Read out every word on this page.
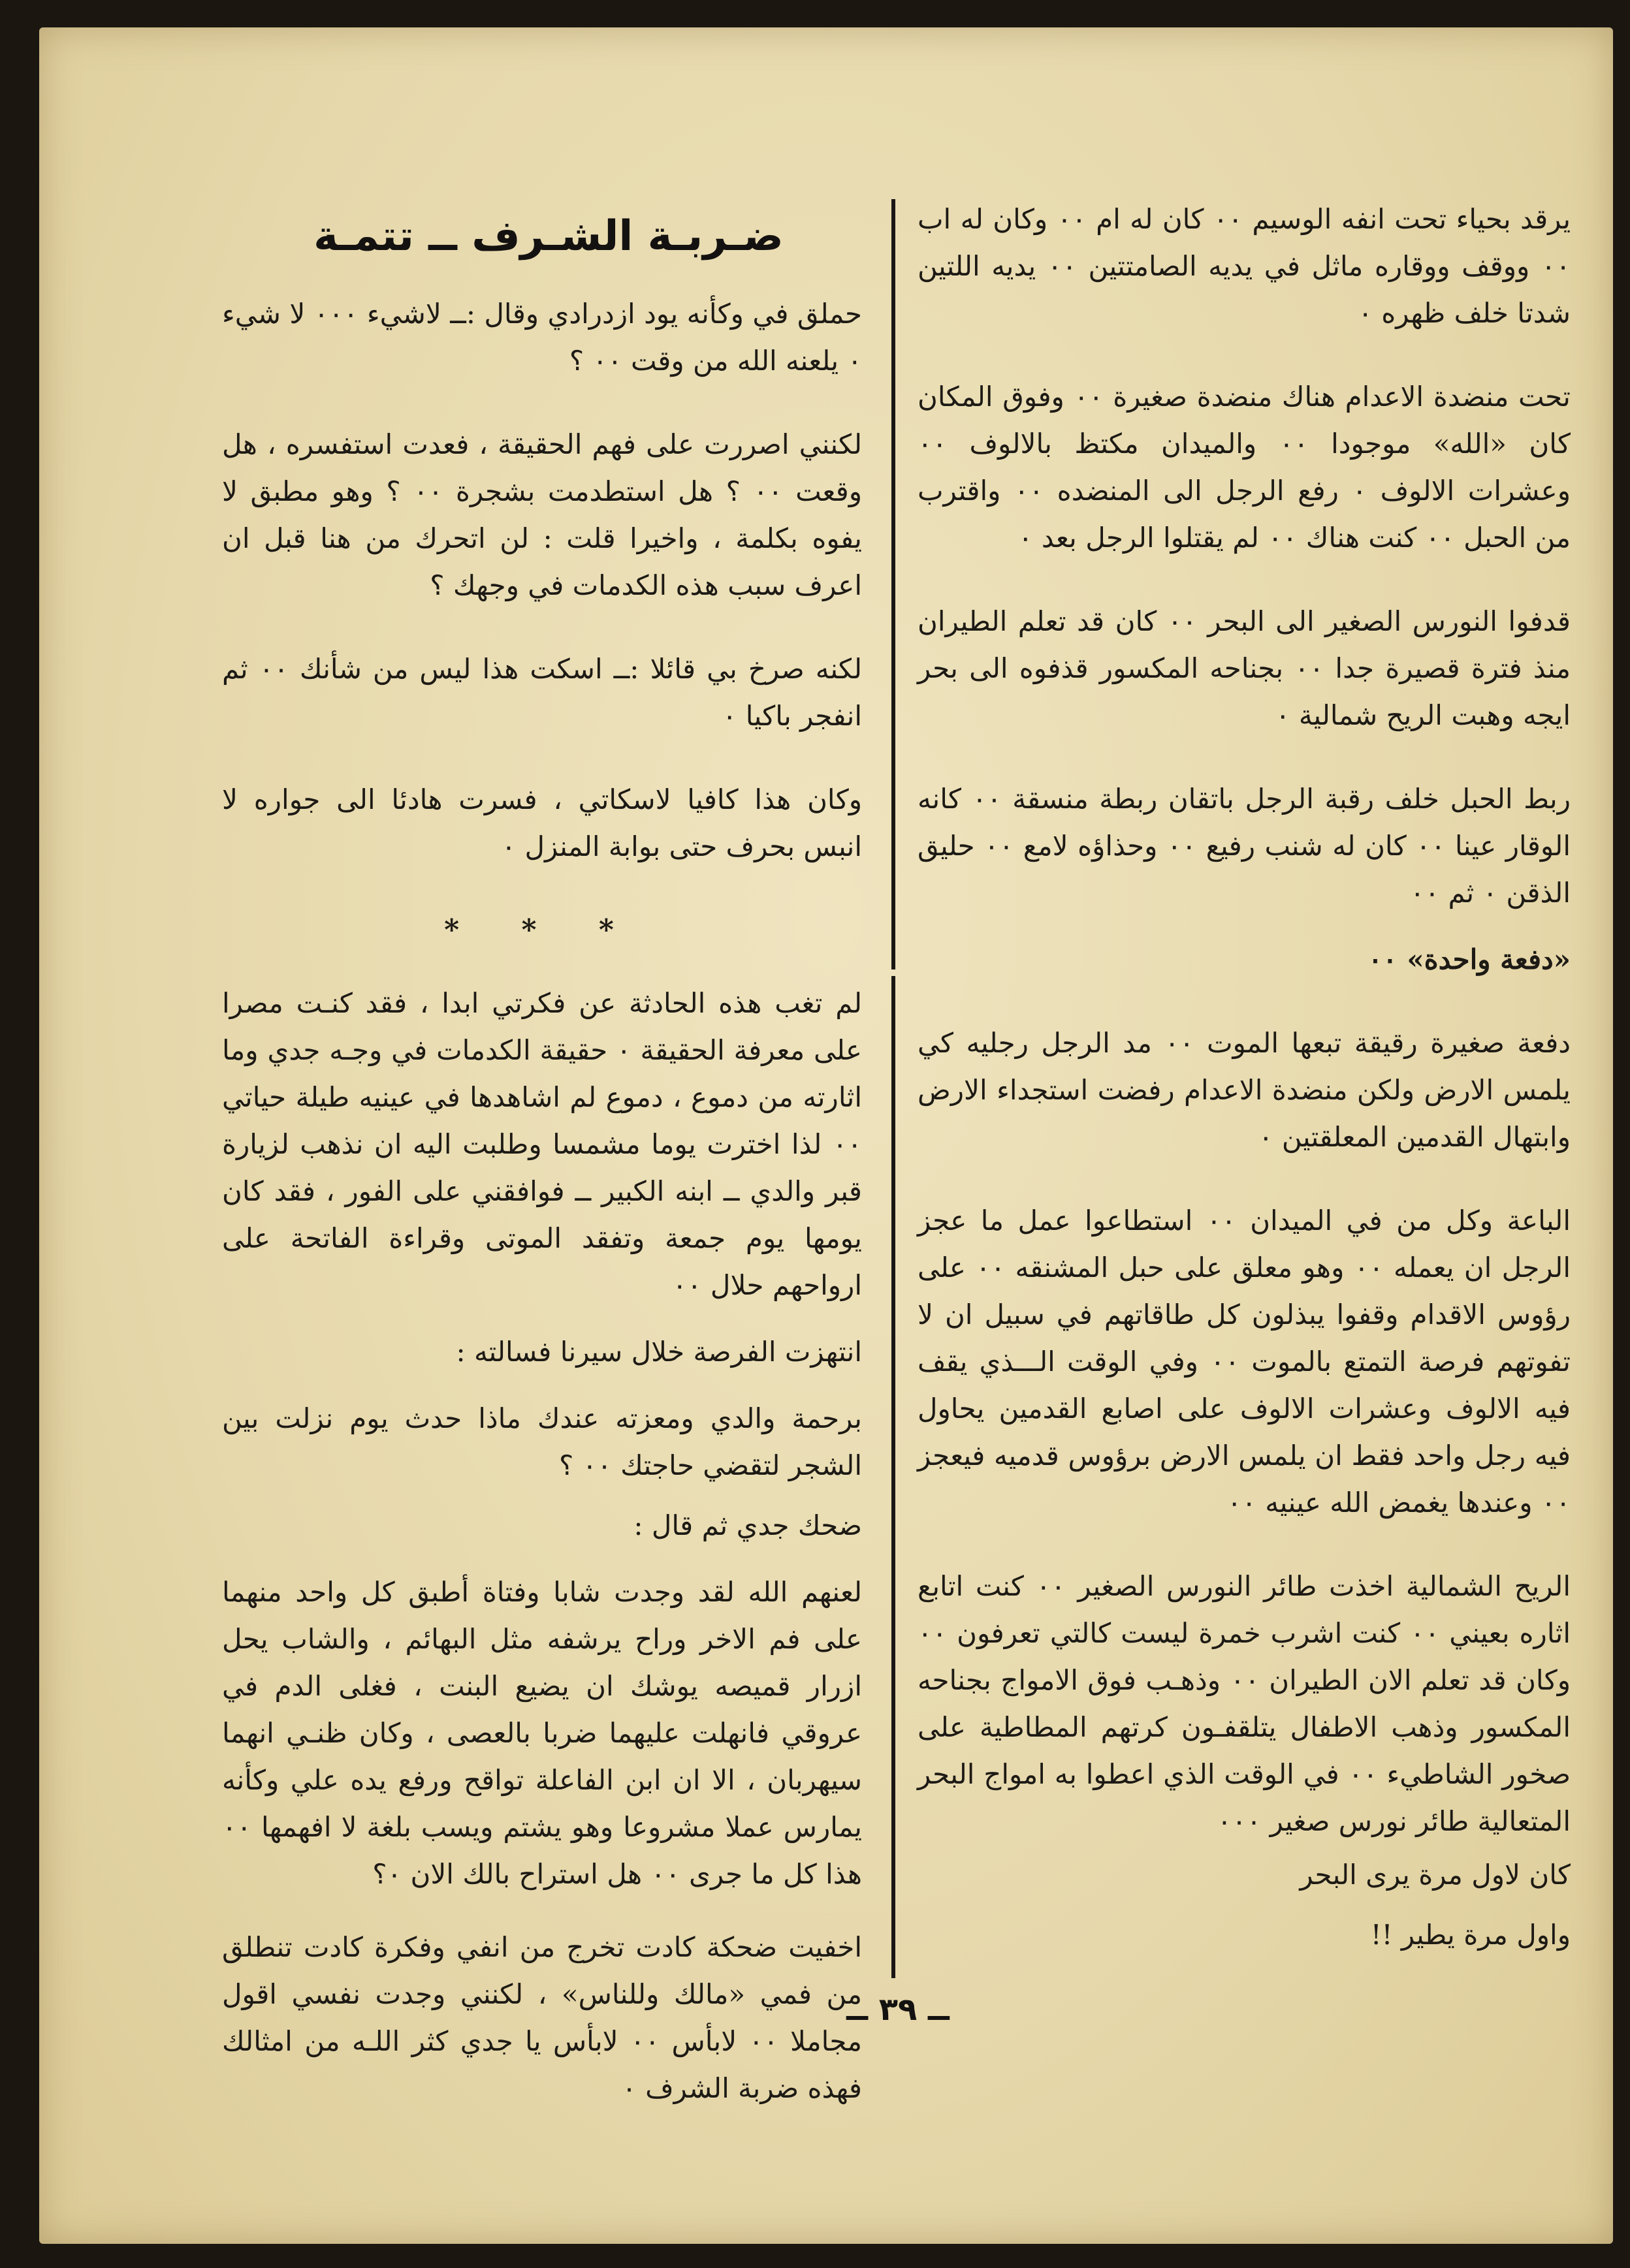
ضـربـة الشـرف ــ تتمـة	يرقد بحياء تحت انفه الوسيم ٠٠ كان له ام ٠٠ وكان له اب ٠٠ ووقف ووقاره ماثل في يديه الصامتتين ٠٠ يديه اللتين شدتا خلف ظهره ٠

تحت منضدة الاعدام هناك منضدة صغيرة ٠٠ وفوق المكان كان «الله» موجودا ٠٠ والميدان مكتظ بالالوف ٠٠ وعشرات الالوف ٠ رفع الرجل الى المنضده ٠٠ واقترب من الحبل ٠٠ كنت هناك ٠٠ لم يقتلوا الرجل بعد ٠

قدفوا النورس الصغير الى البحر ٠٠ كان قد تعلم الطيران منذ فترة قصيرة جدا ٠٠ بجناحه المكسور قذفوه الى بحر ايجه وهبت الريح شمالية ٠

ربط الحبل خلف رقبة الرجل باتقان ربطة منسقة ٠٠ كانه الوقار عينا ٠٠ كان له شنب رفيع ٠٠ وحذاؤه لامع ٠٠ حليق الذقن ٠ ثم ٠٠

«دفعة واحدة» ٠٠

دفعة صغيرة رقيقة تبعها الموت ٠٠ مد الرجل رجليه كي يلمس الارض ولكن منضدة الاعدام رفضت استجداء الارض وابتهال القدمين المعلقتين ٠

الباعة وكل من في الميدان ٠٠ استطاعوا عمل ما عجز الرجل ان يعمله ٠٠ وهو معلق على حبل المشنقه ٠٠ على رؤوس الاقدام وقفوا يبذلون كل طاقاتهم في سبيل ان لا تفوتهم فرصة التمتع بالموت ٠٠ وفي الوقت الـــذي يقف فيه الالوف وعشرات الالوف على اصابع القدمين يحاول فيه رجل واحد فقط ان يلمس الارض برؤوس قدميه فيعجز ٠٠ وعندها يغمض الله عينيه ٠٠

الريح الشمالية اخذت طائر النورس الصغير ٠٠ كنت اتابع اثاره بعيني ٠٠ كنت اشرب خمرة ليست كالتي تعرفون ٠٠ وكان قد تعلم الان الطيران ٠٠ وذهـب فوق الامواج بجناحه المكسور وذهب الاطفال يتلقفـون كرتهم المطاطية على صخور الشاطيء ٠٠ في الوقت الذي اعطوا به امواج البحر المتعالية طائر نورس صغير ٠٠٠

كان لاول مرة يرى البحر

واول مرة يطير !!

حملق في وكأنه يود ازدرادي وقال :ــ لاشيء ٠٠٠ لا شيء ٠ يلعنه الله من وقت ٠٠ ؟

لكنني اصررت على فهم الحقيقة ، فعدت استفسره ، هل وقعت ٠٠ ؟ هل استطدمت بشجرة ٠٠ ؟ وهو مطبق لا يفوه بكلمة ، واخيرا قلت : لن اتحرك من هنا قبل ان اعرف سبب هذه الكدمات في وجهك ؟

لكنه صرخ بي قائلا :ــ اسكت هذا ليس من شأنك ٠٠ ثم انفجر باكيا ٠

وكان هذا كافيا لاسكاتي ، فسرت هادئا الى جواره لا انبس بحرف حتى بوابة المنزل ٠

* * *

لم تغب هذه الحادثة عن فكرتي ابدا ، فقد كنـت مصرا على معرفة الحقيقة ٠ حقيقة الكدمات في وجـه جدي وما اثارته من دموع ، دموع لم اشاهدها في عينيه طيلة حياتي ٠٠ لذا اخترت يوما مشمسا وطلبت اليه ان نذهب لزيارة قبر والدي ــ ابنه الكبير ــ فوافقني على الفور ، فقد كان يومها يوم جمعة وتفقد الموتى وقراءة الفاتحة على ارواحهم حلال ٠٠

انتهزت الفرصة خلال سيرنا فسالته :

برحمة والدي ومعزته عندك ماذا حدث يوم نزلت بين الشجر لتقضي حاجتك ٠٠ ؟

ضحك جدي ثم قال :

لعنهم الله لقد وجدت شابا وفتاة أطبق كل واحد منهما على فم الاخر وراح يرشفه مثل البهائم ، والشاب يحل ازرار قميصه يوشك ان يضيع البنت ، فغلى الدم في عروقي فانهلت عليهما ضربا بالعصى ، وكان ظنـي انهما سيهربان ، الا ان ابن الفاعلة تواقح ورفع يده علي وكأنه يمارس عملا مشروعا وهو يشتم ويسب بلغة لا افهمها ٠٠ هذا كل ما جرى ٠٠ هل استراح بالك الان ٠؟

اخفيت ضحكة كادت تخرج من انفي وفكرة كادت تنطلق من فمي «مالك وللناس» ، لكنني وجدت نفسي اقول مجاملا ٠٠ لابأس ٠٠ لابأس يا جدي كثر اللـه من امثالك فهذه ضربة الشرف ٠

ــ ٣٩ ــ
